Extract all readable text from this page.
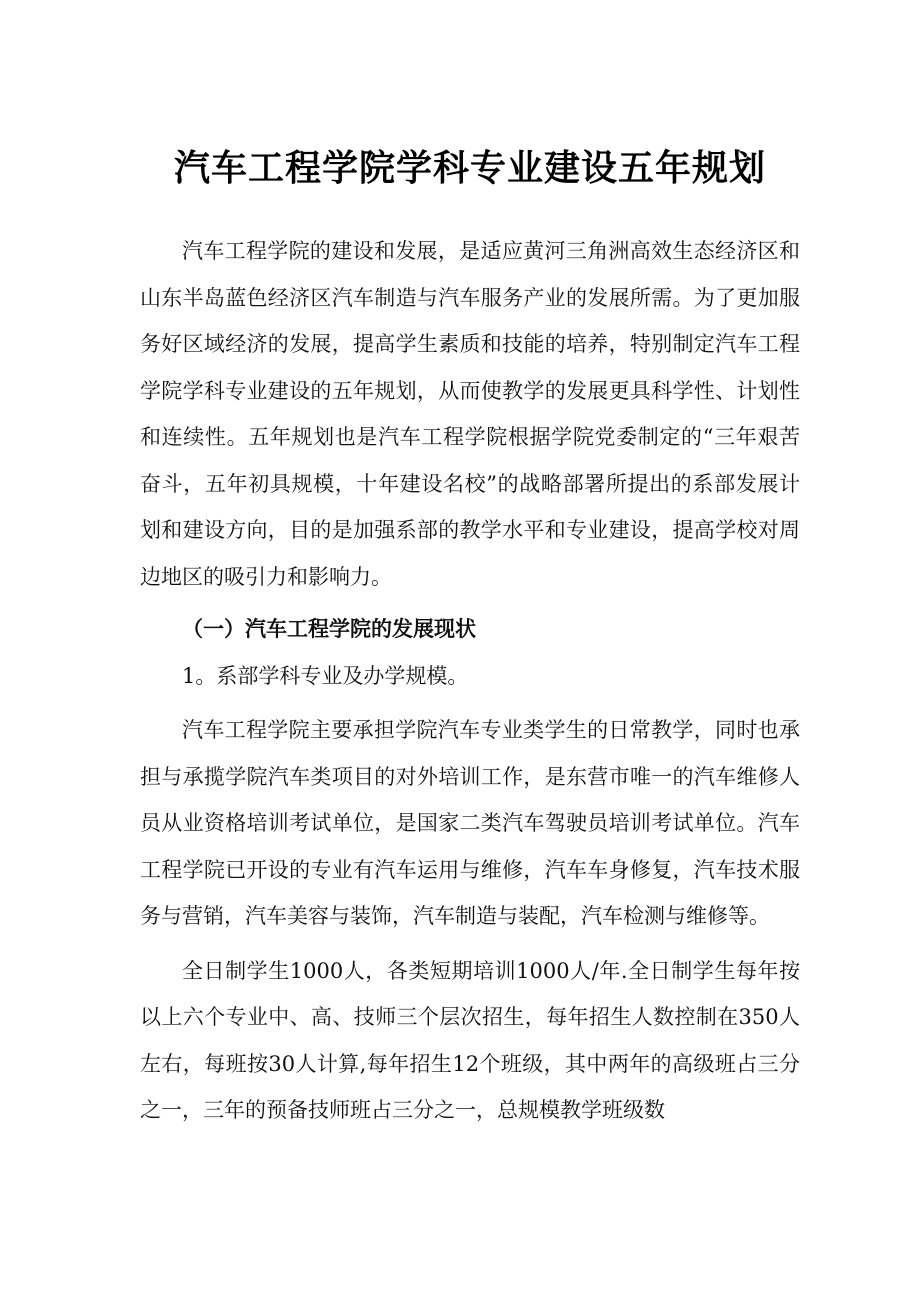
汽车工程学院学科专业建设五年规划

汽车工程学院的建设和发展，是适应黄河三角洲高效生态经济区和山东半岛蓝色经济区汽车制造与汽车服务产业的发展所需。为了更加服务好区域经济的发展，提高学生素质和技能的培养，特别制定汽车工程学院学科专业建设的五年规划，从而使教学的发展更具科学性、计划性和连续性。五年规划也是汽车工程学院根据学院党委制定的“三年艰苦奋斗，五年初具规模，十年建设名校”的战略部署所提出的系部发展计划和建设方向，目的是加强系部的教学水平和专业建设，提高学校对周边地区的吸引力和影响力。

（一）汽车工程学院的发展现状

1。系部学科专业及办学规模。

汽车工程学院主要承担学院汽车专业类学生的日常教学，同时也承担与承揽学院汽车类项目的对外培训工作，是东营市唯一的汽车维修人员从业资格培训考试单位，是国家二类汽车驾驶员培训考试单位。汽车工程学院已开设的专业有汽车运用与维修，汽车车身修复，汽车技术服务与营销，汽车美容与装饰，汽车制造与装配，汽车检测与维修等。

全日制学生1000人，各类短期培训1000人/年.全日制学生每年按以上六个专业中、高、技师三个层次招生，每年招生人数控制在350人左右，每班按30人计算,每年招生12个班级，其中两年的高级班占三分之一，三年的预备技师班占三分之一，总规模教学班级数
